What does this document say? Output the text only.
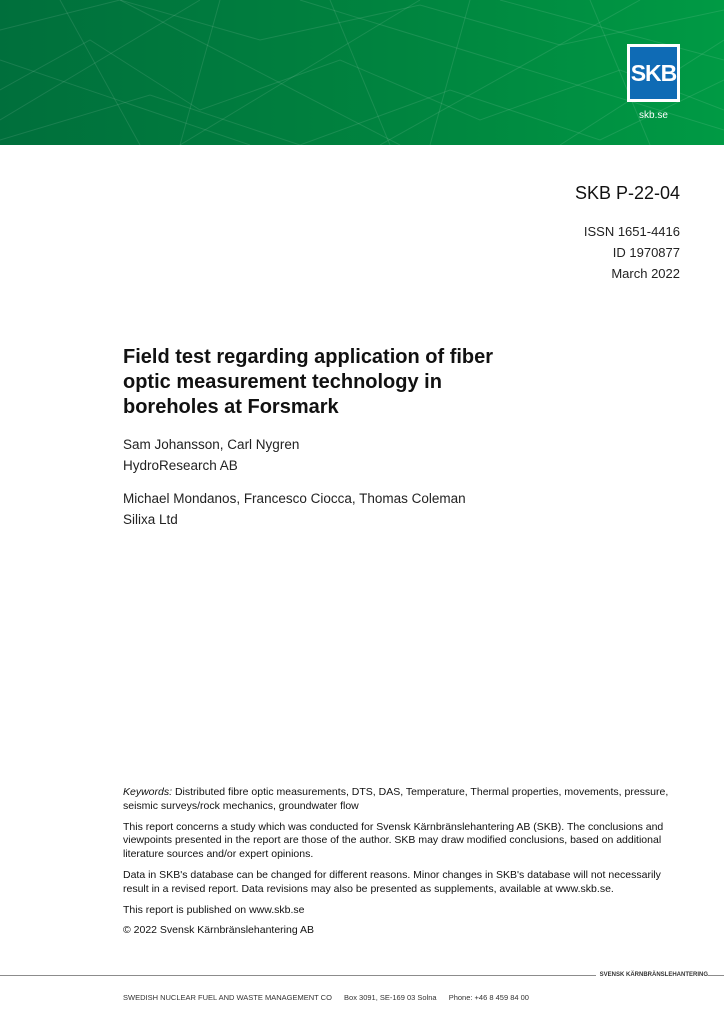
SKB
skb.se
SKB P-22-04
ISSN 1651-4416
ID 1970877
March 2022
Field test regarding application of fiber optic measurement technology in boreholes at Forsmark
Sam Johansson, Carl Nygren
HydroResearch AB
Michael Mondanos, Francesco Ciocca, Thomas Coleman
Silixa Ltd

Keywords: Distributed fibre optic measurements, DTS, DAS, Temperature, Thermal properties, movements, pressure, seismic surveys/rock mechanics, groundwater flow

This report concerns a study which was conducted for Svensk Kärnbränslehantering AB (SKB). The conclusions and viewpoints presented in the report are those of the author. SKB may draw modified conclusions, based on additional literature sources and/or expert opinions.

Data in SKB's database can be changed for different reasons. Minor changes in SKB's database will not necessarily result in a revised report. Data revisions may also be presented as supplements, available at www.skb.se.

This report is published on www.skb.se

© 2022 Svensk Kärnbränslehantering AB

SVENSK KÄRNBRÄNSLEHANTERING
SWEDISH NUCLEAR FUEL AND WASTE MANAGEMENT CO Box 3091, SE-169 03 Solna Phone: +46 8 459 84 00
